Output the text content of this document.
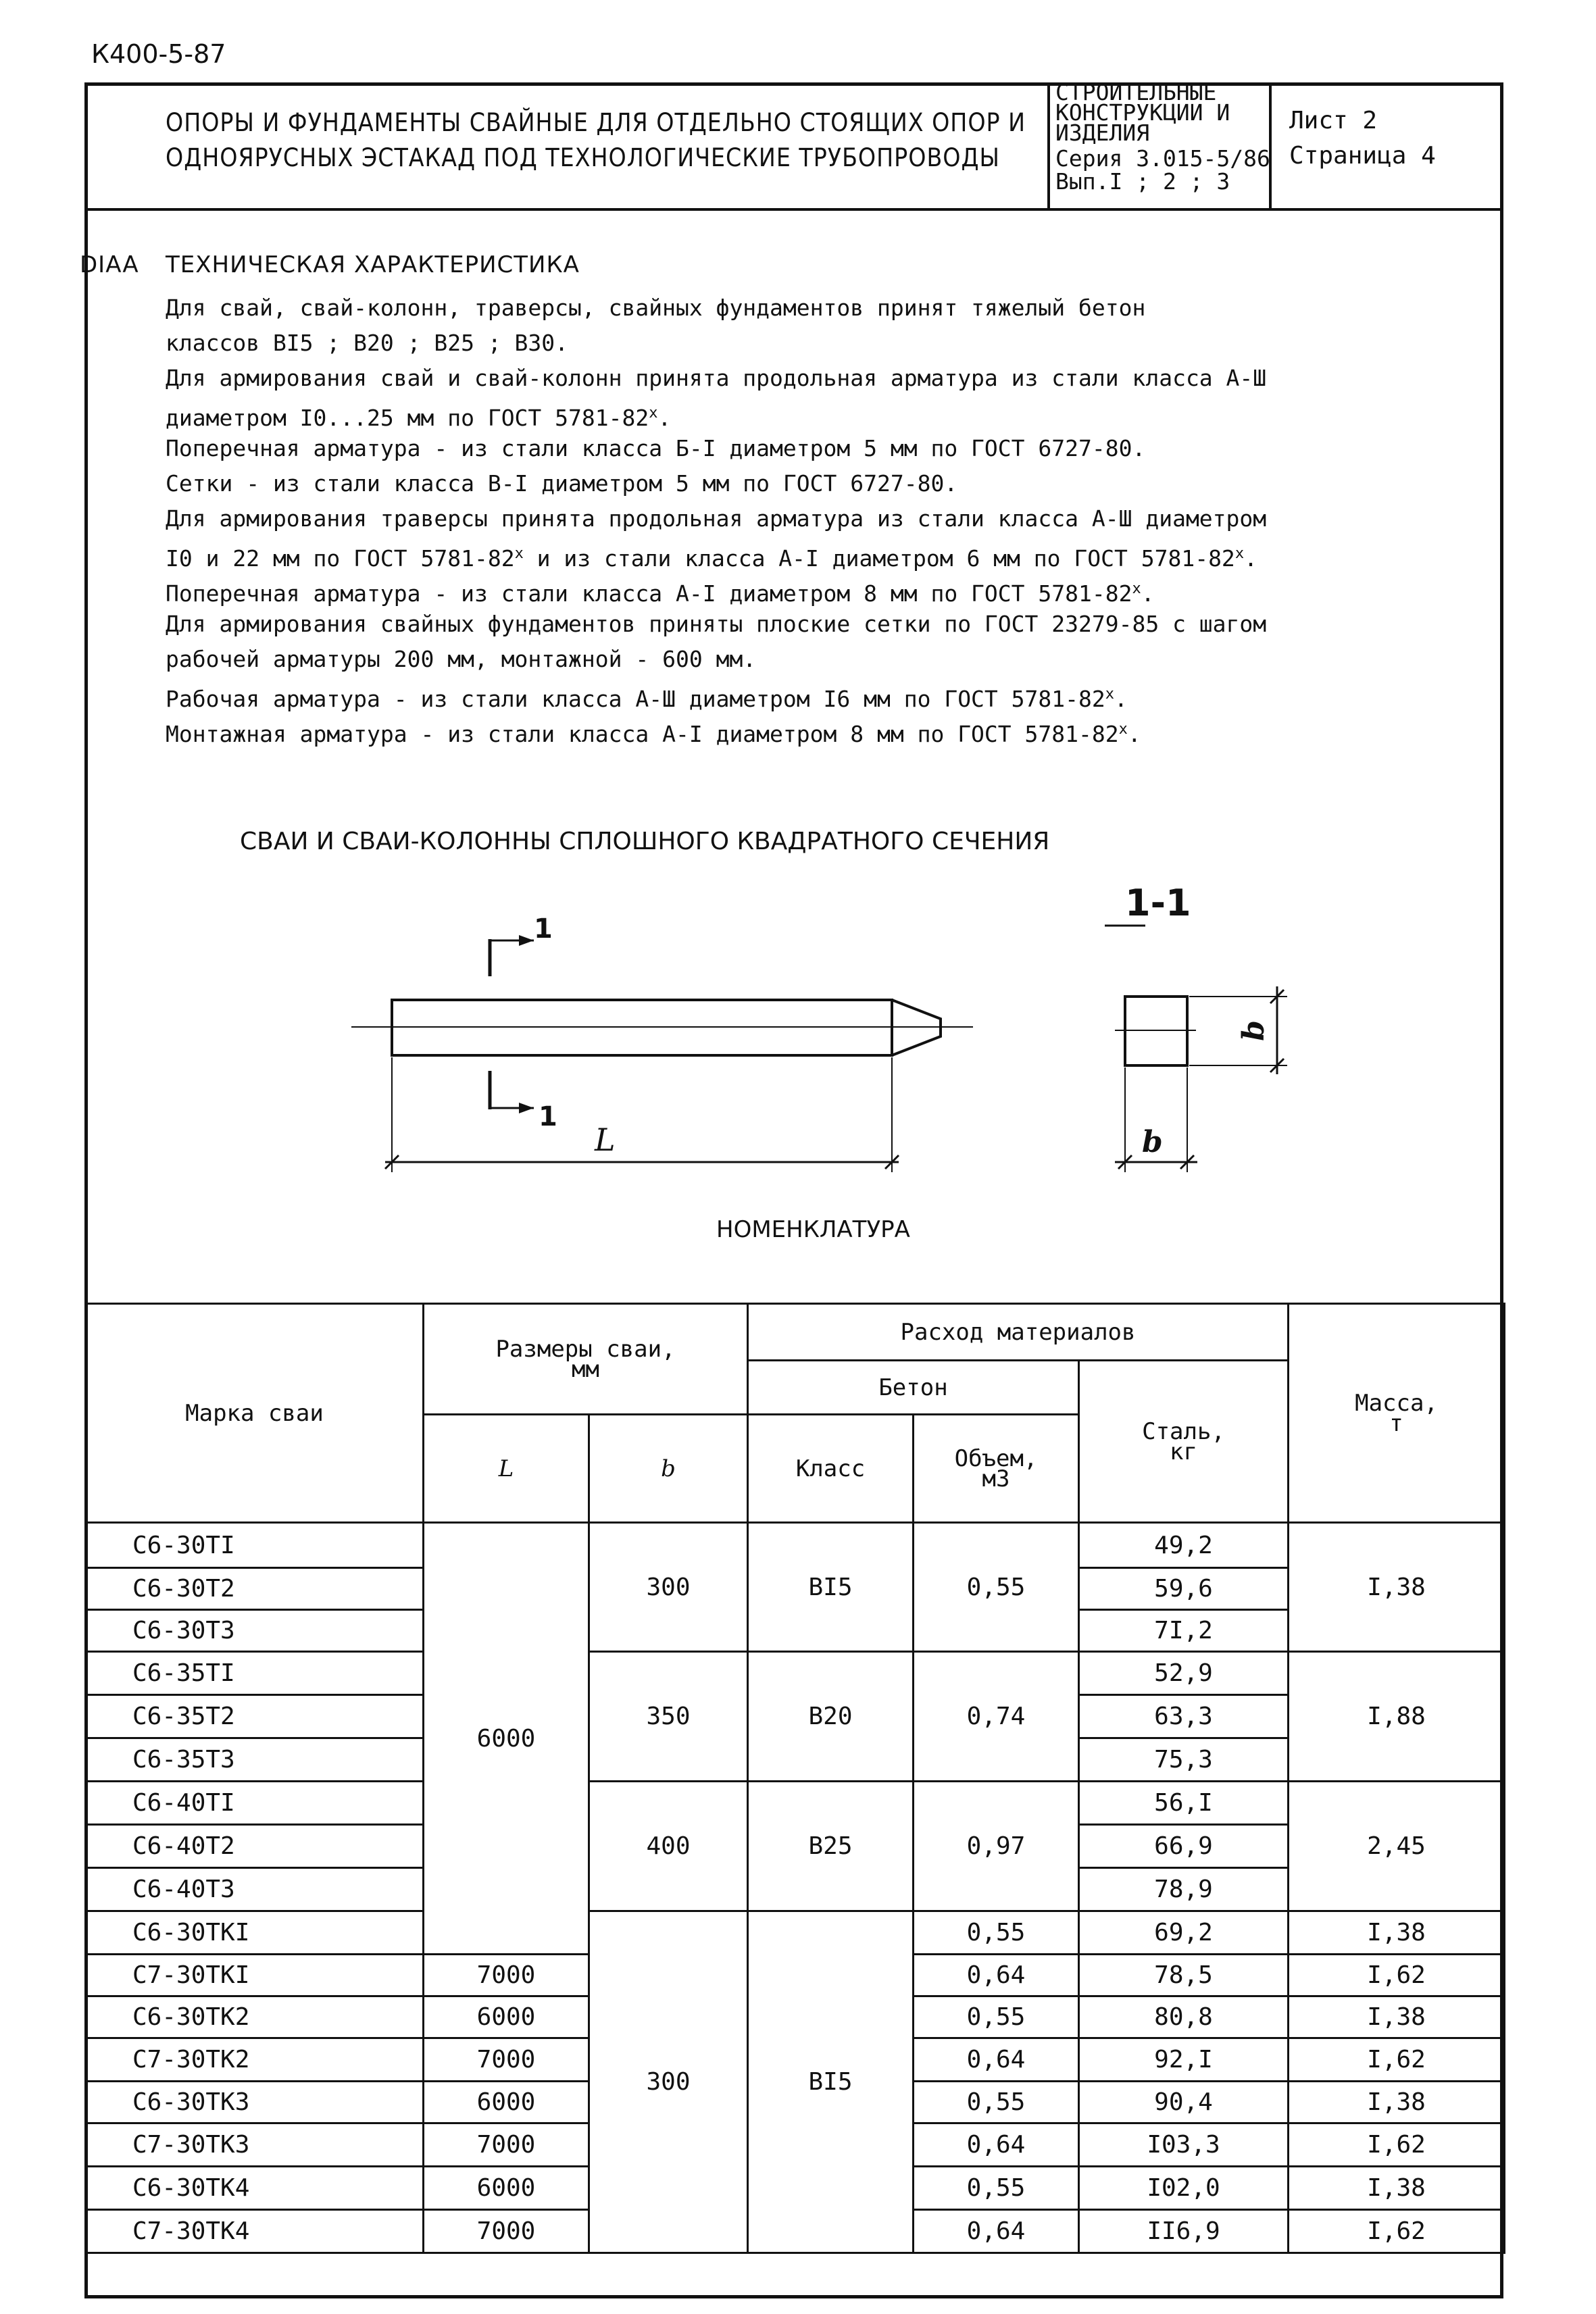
К400-5-87
ОПОРЫ И ФУНДАМЕНТЫ СВАЙНЫЕ ДЛЯ ОТДЕЛЬНО СТОЯЩИХ ОПОР И
ОДНОЯРУСНЫХ ЭСТАКАД ПОД ТЕХНОЛОГИЧЕСКИЕ ТРУБОПРОВОДЫ
СТРОИТЕЛЬНЫЕ
КОНСТРУКЦИИ И
ИЗДЕЛИЯ
Серия 3.015-5/86
Вып.I ; 2 ; 3
Лист 2
Страница 4
DIAA ТЕХНИЧЕСКАЯ ХАРАКТЕРИСТИКА
Для свай, свай-колонн, траверсы, свайных фундаментов принят тяжелый бетон
классов BI5 ; B20 ; B25 ; B30.
Для армирования свай и свай-колонн принята продольная арматура из стали класса А-Ш
диаметром I0...25 мм по ГОСТ 5781-82$^x$.
Поперечная арматура - из стали класса Б-I диаметром 5 мм по ГОСТ 6727-80.
Сетки - из стали класса В-I диаметром 5 мм по ГОСТ 6727-80.
Для армирования траверсы принята продольная арматура из стали класса А-Ш диаметром
I0 и 22 мм по ГОСТ 5781-82$^x$ и из стали класса А-I диаметром 6 мм по ГОСТ 5781-82$^x$.
Поперечная арматура - из стали класса А-I диаметром 8 мм по ГОСТ 5781-82$^x$.
Для армирования свайных фундаментов приняты плоские сетки по ГОСТ 23279-85 с шагом
рабочей арматуры 200 мм, монтажной - 600 мм.
Рабочая арматура - из стали класса А-Ш диаметром I6 мм по ГОСТ 5781-82$^x$.
Монтажная арматура - из стали класса А-I диаметром 8 мм по ГОСТ 5781-82$^x$.
СВАИ И СВАИ-КОЛОННЫ СПЛОШНОГО КВАДРАТНОГО СЕЧЕНИЯ
1-1
1
1
L	b
b
НОМЕНКЛАТУРА
Марка сваи	Размеры сваи,
мм		Расход материалов			Масса,
т
			Бетон		Сталь,
кг	
	L	b	Класс	Объем,
м3		
С6-30ТI	6000	300	BI5	0,55	49,2	I,38
С6-30Т2					59,6	
С6-30Т3					7I,2	
С6-35ТI		350	B20	0,74	52,9	I,88
С6-35Т2					63,3	
С6-35Т3					75,3	
С6-40ТI		400	B25	0,97	56,I	2,45
С6-40Т2					66,9	
С6-40Т3					78,9	
С6-30ТКI		300	BI5	0,55	69,2	I,38
С7-30ТКI	7000			0,64	78,5	I,62
С6-30ТК2	6000			0,55	80,8	I,38
С7-30ТК2	7000			0,64	92,I	I,62
С6-30ТК3	6000			0,55	90,4	I,38
С7-30ТК3	7000			0,64	I03,3	I,62
С6-30ТК4	6000			0,55	I02,0	I,38
С7-30ТК4	7000			0,64	II6,9	I,62
